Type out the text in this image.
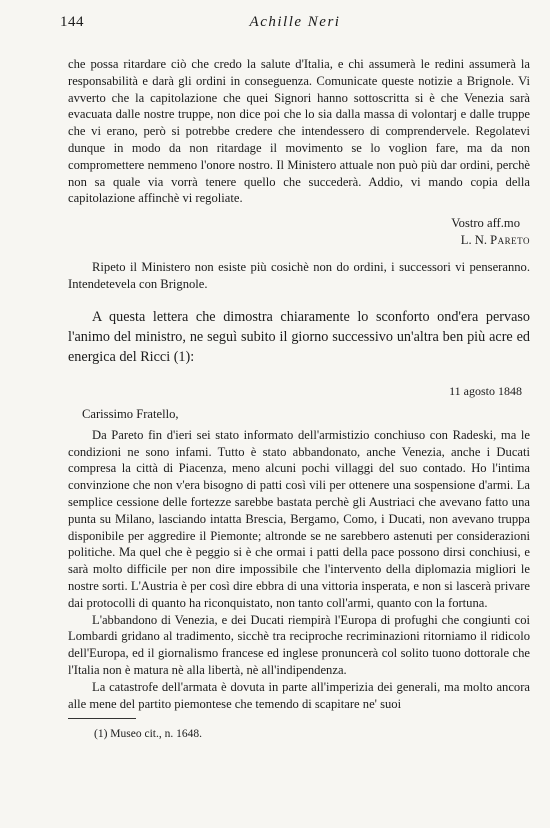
144	Achille Neri

che possa ritardare ciò che credo la salute d'Italia, e chi assumerà le redini assumerà la responsabilità e darà gli ordini in conseguenza. Comunicate queste notizie a Brignole. Vi avverto che la capitolazione che quei Signori hanno sottoscritta si è che Venezia sarà evacuata dalle nostre truppe, non dice poi che lo sia dalla massa di volontarj e dalle truppe che vi erano, però si potrebbe credere che intendessero di comprendervele. Regolatevi dunque in modo da non ritardage il movimento se lo voglion fare, ma da non compromettere nemmeno l'onore nostro. Il Ministero attuale non può più dar ordini, perchè non sa quale via vorrà tenere quello che succederà. Addio, vi mando copia della capitolazione affinchè vi regoliate.

Vostro aff.mo

L. N. Pareto

Ripeto il Ministero non esiste più cosichè non do ordini, i successori vi penseranno. Intendetevela con Brignole.

A questa lettera che dimostra chiaramente lo sconforto ond'era pervaso l'animo del ministro, ne seguì subito il giorno successivo un'altra ben più acre ed energica del Ricci (1):

11 agosto 1848

Carissimo Fratello,

Da Pareto fin d'ieri sei stato informato dell'armistizio conchiuso con Radeski, ma le condizioni ne sono infami. Tutto è stato abbandonato, anche Venezia, anche i Ducati compresa la città di Piacenza, meno alcuni pochi villaggi del suo contado. Ho l'intima convinzione che non v'era bisogno di patti così vili per ottenere una sospensione d'armi. La semplice cessione delle fortezze sarebbe bastata perchè gli Austriaci che avevano fatto una punta su Milano, lasciando intatta Brescia, Bergamo, Como, i Ducati, non avevano truppa disponibile per aggredire il Piemonte; altronde se ne sarebbero astenuti per considerazioni politiche. Ma quel che è peggio si è che ormai i patti della pace possono dirsi conchiusi, e sarà molto difficile per non dire impossibile che l'intervento della diplomazia migliori le nostre sorti. L'Austria è per così dire ebbra di una vittoria insperata, e non si lascerà privare dai protocolli di quanto ha riconquistato, non tanto coll'armi, quanto con la fortuna.

L'abbandono di Venezia, e dei Ducati riempirà l'Europa di profughi che congiunti coi Lombardi gridano al tradimento, sicchè tra reciproche recriminazioni ritorniamo il ridicolo dell'Europa, ed il giornalismo francese ed inglese pronuncerà col solito tuono dottorale che l'Italia non è matura nè alla libertà, nè all'indipendenza.

La catastrofe dell'armata è dovuta in parte all'imperizia dei generali, ma molto ancora alle mene del partito piemontese che temendo di scapitare ne' suoi

(1) Museo cit., n. 1648.
